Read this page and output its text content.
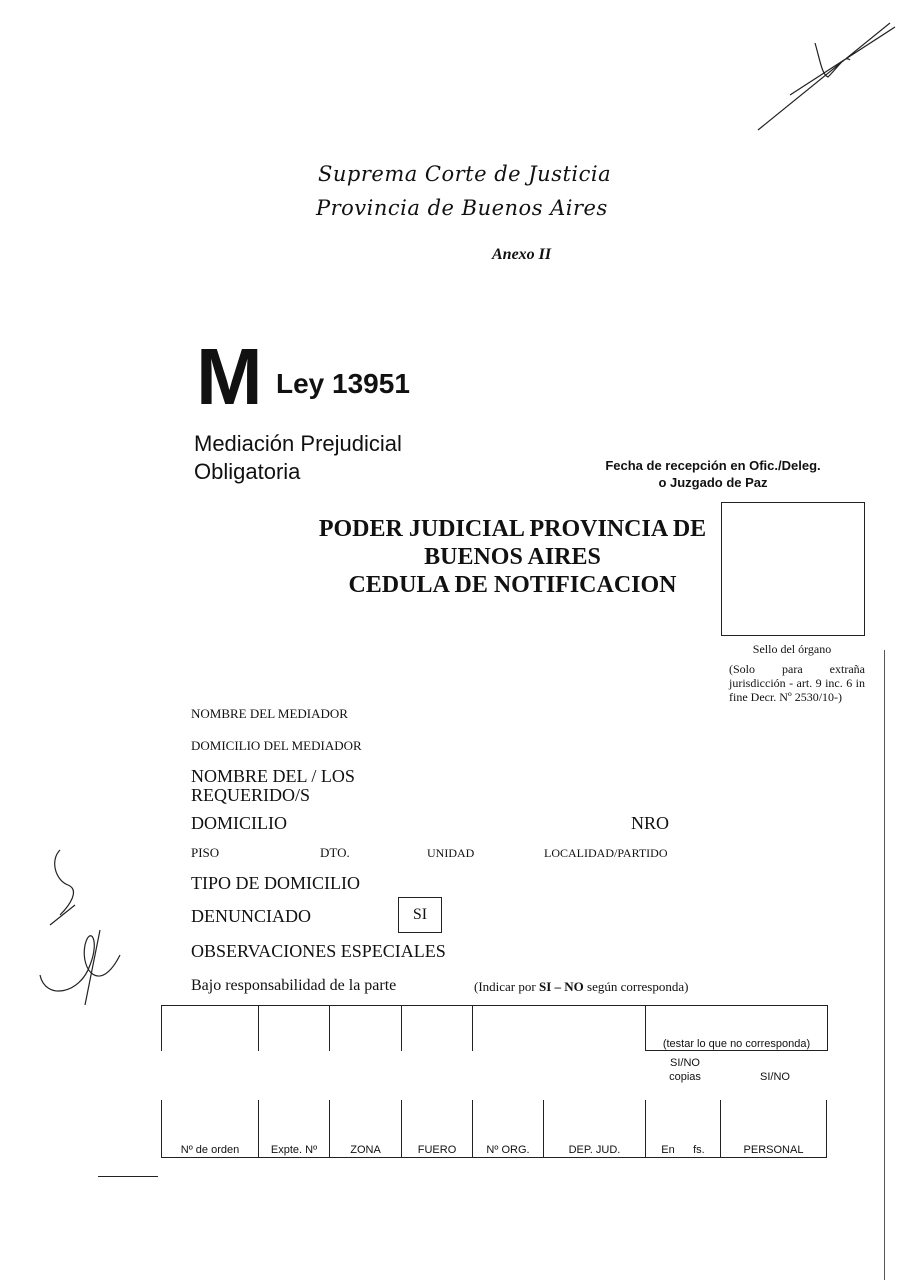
Suprema Corte de Justicia
Provincia de Buenos Aires
Anexo II
M Ley 13951
Mediación Prejudicial
Obligatoria	Fecha de recepción en Ofic./Deleg.
o Juzgado de Paz
PODER JUDICIAL PROVINCIA DE
BUENOS AIRES
CEDULA DE NOTIFICACION
Sello del órgano
(Solo para extraña jurisdicción - art. 9 inc. 6 in fine Decr. Nº 2530/10-)
NOMBRE DEL MEDIADOR
DOMICILIO DEL MEDIADOR
NOMBRE DEL / LOS
REQUERIDO/S
DOMICILIO	NRO
PISO	DTO.	UNIDAD	LOCALIDAD/PARTIDO
TIPO DE DOMICILIO
DENUNCIADO	SI
OBSERVACIONES ESPECIALES
Bajo responsabilidad de la parte	(Indicar por SI – NO según corresponda)
(testar lo que no corresponda)
SI/NO
copias	SI/NO
Nº de orden	Expte. Nº	ZONA	FUERO	Nº ORG.	DEP. JUD.	En      fs.	PERSONAL
